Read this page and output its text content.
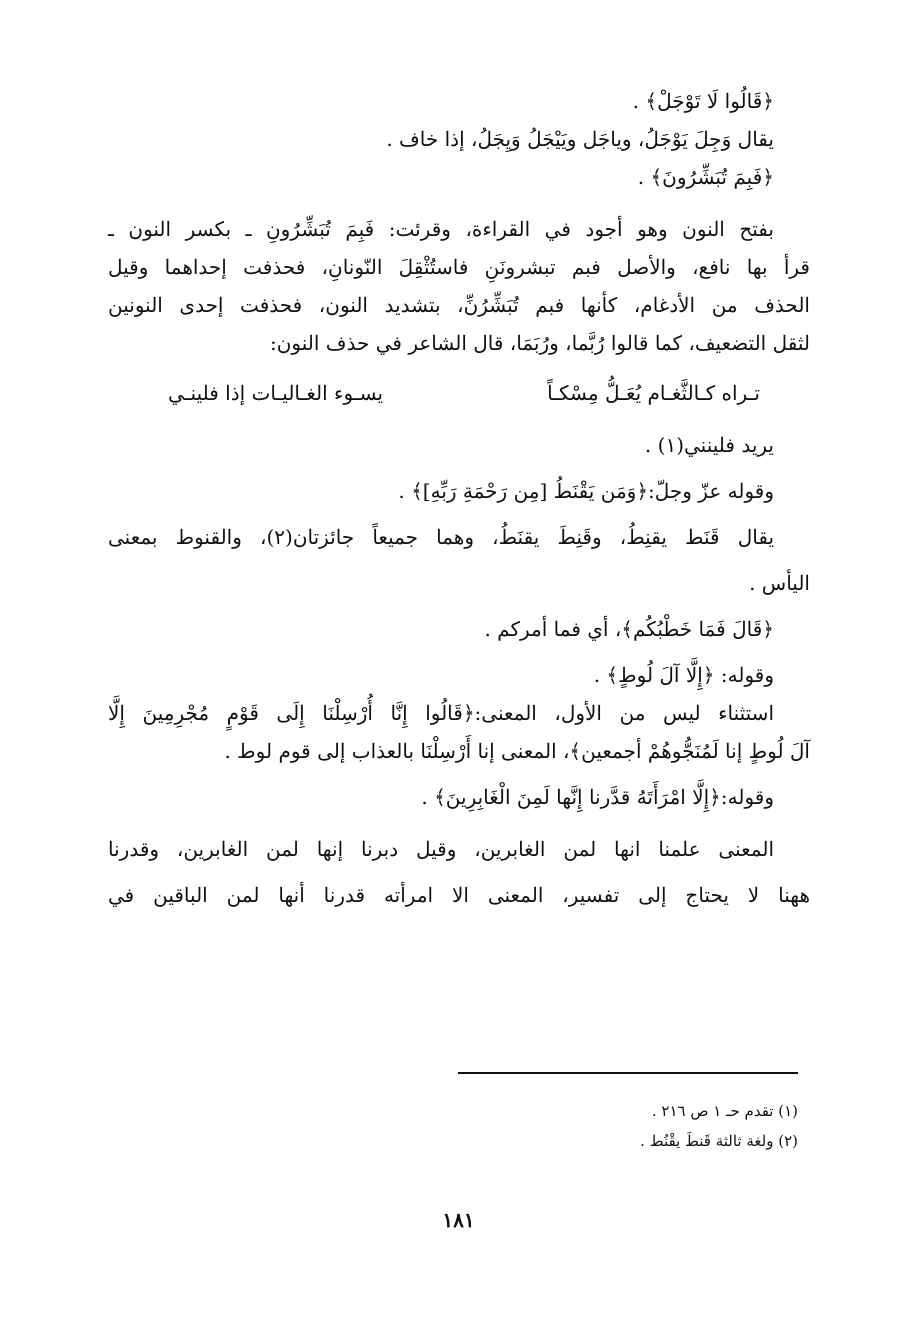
﴿قَالُوا لَا تَوْجَلْ﴾ .
يقال وَجِلَ يَوْجَلُ، وياجَل ويَيْجَلُ وَيِجَلُ، إذا خاف .
﴿فَبِمَ تُبَشِّرُونَ﴾ .
بفتح النون وهو أجود في القراءة، وقرئت: فَبِمَ تُبَشِّرُونِ ـ بكسر النون ـ
قرأ بها نافع، والأصل فبم تبشرونَنِ فاستُثْقِلَ النّونانِ، فحذفت إحداهما وقيل
الحذف من الأدغام، كأنها فبم تُبَشِّرُنِّ، بتشديد النون، فحذفت إحدى النونين
لثقل التضعيف، كما قالوا رُبَّما، ورُبَمَا، قال الشاعر في حذف النون:
تـراه كـالثَّغـام يُعَـلُّ مِسْكـاً
يسـوء الغـاليـات إذا فلينـي
يريد فلينني(١) .
وقوله عزّ وجلّ:﴿وَمَن يَقْنَطُ [مِن رَحْمَةِ رَبِّهِ]﴾ .
يقال قَنَط يقنِطُ، وقَنِطَ يقنَطُ، وهما جميعاً جائزتان(٢)، والقنوط بمعنى
اليأس .
﴿قَالَ فَمَا خَطْبُكُم﴾، أي فما أمركم .
وقوله: ﴿إِلَّا آلَ لُوطٍ﴾ .
استثناء ليس من الأول، المعنى:﴿قَالُوا إِنَّا أُرْسِلْنَا إِلَى قَوْمٍ مُجْرِمِينَ إِلَّا
آلَ لُوطٍ إنا لَمُنَجُّوهُمْ أجمعين﴾، المعنى إنا أَرْسِلْنَا بالعذاب إلى قوم لوط .
وقوله:﴿إِلَّا امْرَأَتَهُ قدَّرنا إِنَّها لَمِنَ الْغَابِرِينَ﴾ .
المعنى علمنا انها لمن الغابرين، وقيل دبرنا إنها لمن الغابرين، وقدرنا
ههنا لا يحتاج إلى تفسير، المعنى الا امرأته قدرنا أنها لمن الباقين في
(١) تقدم حـ ١ ص ٢١٦ .
(٢) ولغة ثالثة قَنطَ يقْنُط .
١٨١
